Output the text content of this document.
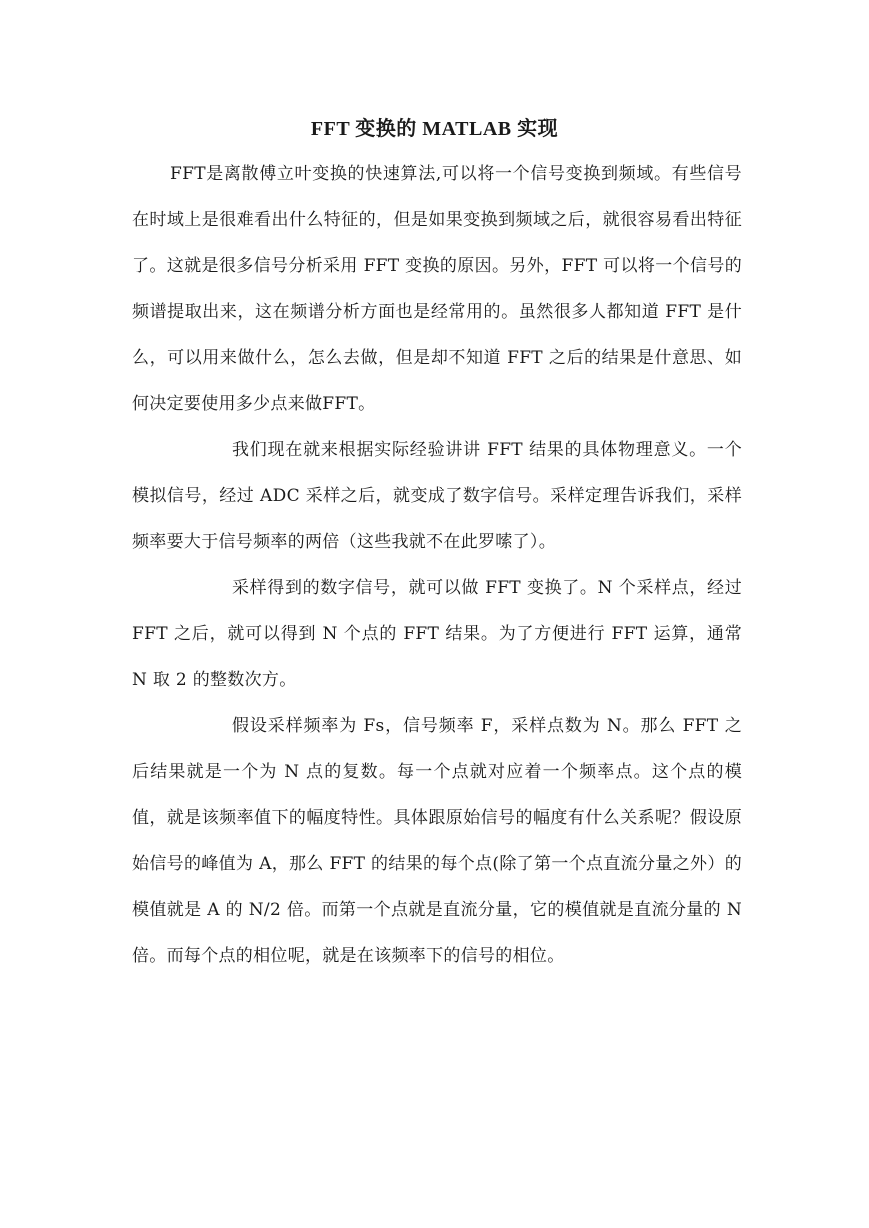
FFT 变换的 MATLAB 实现

FFT是离散傅立叶变换的快速算法,可以将一个信号变换到频域。有些信号在时域上是很难看出什么特征的，但是如果变换到频域之后，就很容易看出特征了。这就是很多信号分析采用 FFT 变换的原因。另外，FFT 可以将一个信号的频谱提取出来，这在频谱分析方面也是经常用的。虽然很多人都知道 FFT 是什么，可以用来做什么，怎么去做，但是却不知道 FFT 之后的结果是什意思、如何决定要使用多少点来做FFT。

我们现在就来根据实际经验讲讲 FFT 结果的具体物理意义。一个模拟信号，经过 ADC 采样之后，就变成了数字信号。采样定理告诉我们，采样频率要大于信号频率的两倍（这些我就不在此罗嗦了）。

采样得到的数字信号，就可以做 FFT 变换了。N 个采样点，经过 FFT 之后，就可以得到 N 个点的 FFT 结果。为了方便进行 FFT 运算，通常 N 取 2 的整数次方。

假设采样频率为 Fs，信号频率 F，采样点数为 N。那么 FFT 之后结果就是一个为 N 点的复数。每一个点就对应着一个频率点。这个点的模值，就是该频率值下的幅度特性。具体跟原始信号的幅度有什么关系呢？假设原始信号的峰值为 A，那么 FFT 的结果的每个点(除了第一个点直流分量之外）的模值就是 A 的 N/2 倍。而第一个点就是直流分量，它的模值就是直流分量的 N 倍。而每个点的相位呢，就是在该频率下的信号的相位。
